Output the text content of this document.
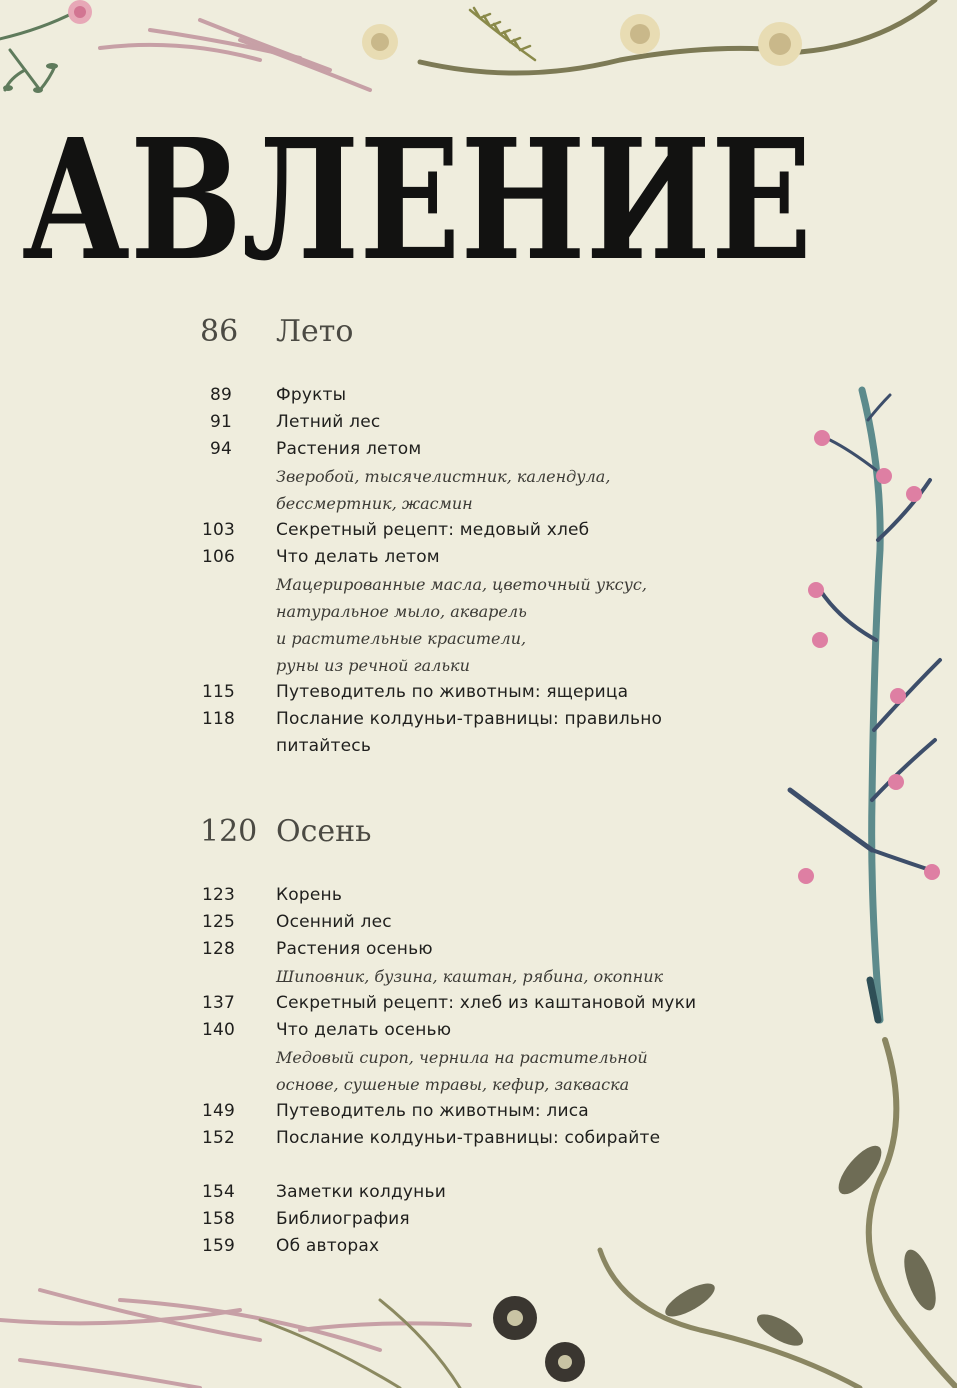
АВЛЕНИЕ
86	Лето
89	Фрукты
91	Летний лес
94	Растения летом
Зверобой, тысячелистник, календула,
бессмертник, жасмин
103	Секретный рецепт: медовый хлеб
106	Что делать летом
Мацерированные масла, цветочный уксус,
натуральное мыло, акварель
и растительные красители,
руны из речной гальки
115	Путеводитель по животным: ящерица
118	Послание колдуньи-травницы: правильно
питайтесь
120 Осень
123	Корень
125	Осенний лес
128	Растения осенью
Шиповник, бузина, каштан, рябина, окопник
137	Секретный рецепт: хлеб из каштановой муки
140	Что делать осенью
Медовый сироп, чернила на растительной
основе, сушеные травы, кефир, закваска
149	Путеводитель по животным: лиса
152	Послание колдуньи-травницы: собирайте
154	Заметки колдуньи
158	Библиография
159	Об авторах
